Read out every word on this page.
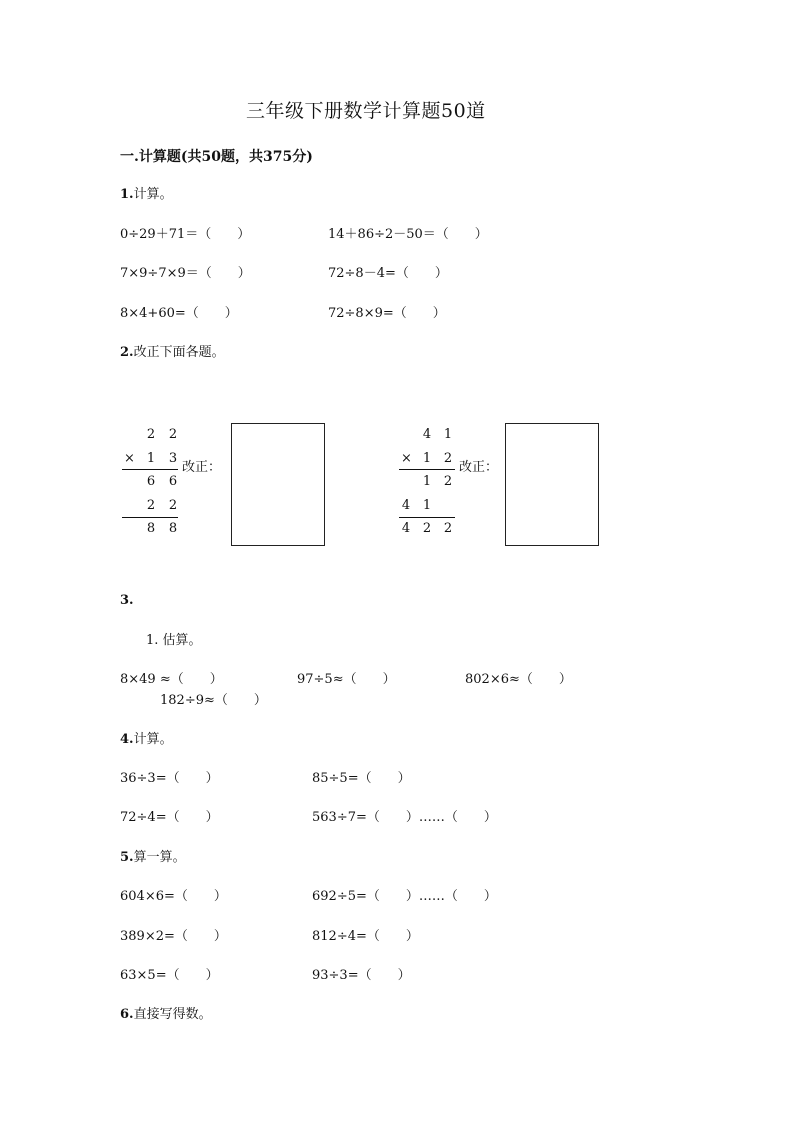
三年级下册数学计算题50道
一.计算题(共50题，共375分)
1.计算。
0÷29＋71＝（　　）	14＋86÷2－50＝（　　）
7×9÷7×9＝（　　）	72÷8－4=（　　）
8×4+60=（　　）	72÷8×9=（　　）
2.改正下面各题。
2 2
× 1 3
6 6
2 2
8 8
改正：
4 1
× 1 2
1 2
4 1
4 2 2
改正：
3.
1. 估算。
8×49 ≈（　　）	97÷5≈（　　）	802×6≈（　　）
182÷9≈（　　）
4.计算。
36÷3=（　　）	85÷5=（　　）
72÷4=（　　）	563÷7=（　　）……（　　）
5.算一算。
604×6=（　　）	692÷5=（　　）……（　　）
389×2=（　　）	812÷4=（　　）
63×5=（　　）	93÷3=（　　）
6.直接写得数。
